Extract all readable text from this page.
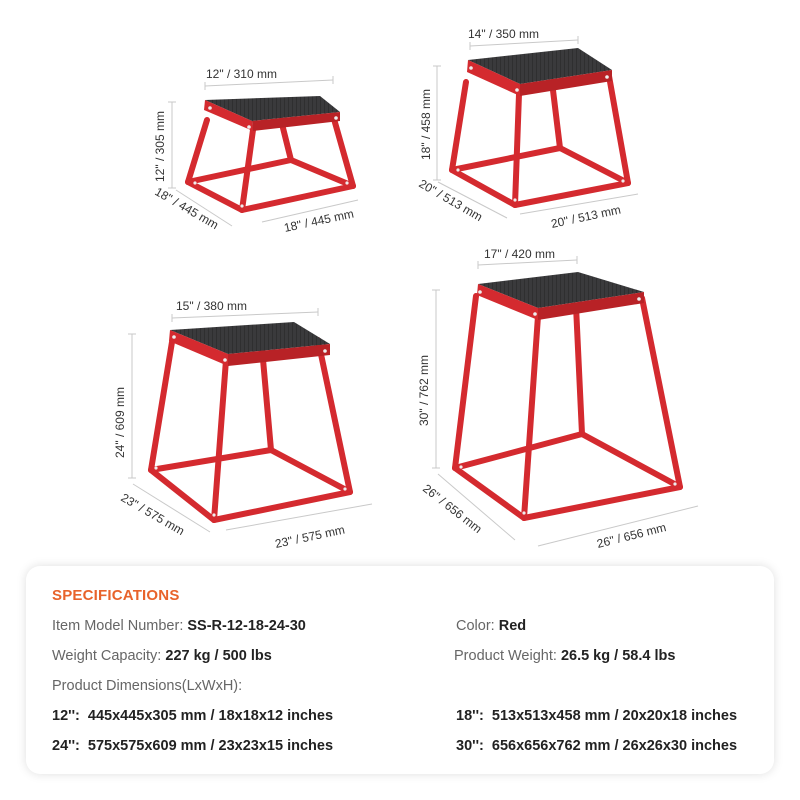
12" / 310 mm
12" / 305 mm
18" / 445 mm	18" / 445 mm
14" / 350 mm
18" / 458 mm
20" / 513 mm	20" / 513 mm
15" / 380 mm
24" / 609 mm
23" / 575 mm	23" / 575 mm
17" / 420 mm
30" / 762 mm
26" / 656 mm	26" / 656 mm
SPECIFICATIONS
Item Model Number: SS-R-12-18-24-30	Color: Red
Weight Capacity: 227 kg / 500 lbs	Product Weight: 26.5 kg / 58.4 lbs
Product Dimensions(LxWxH):
12'': 445x445x305 mm / 18x18x12 inches	18'': 513x513x458 mm / 20x20x18 inches
24'': 575x575x609 mm / 23x23x15 inches	30'': 656x656x762 mm / 26x26x30 inches
